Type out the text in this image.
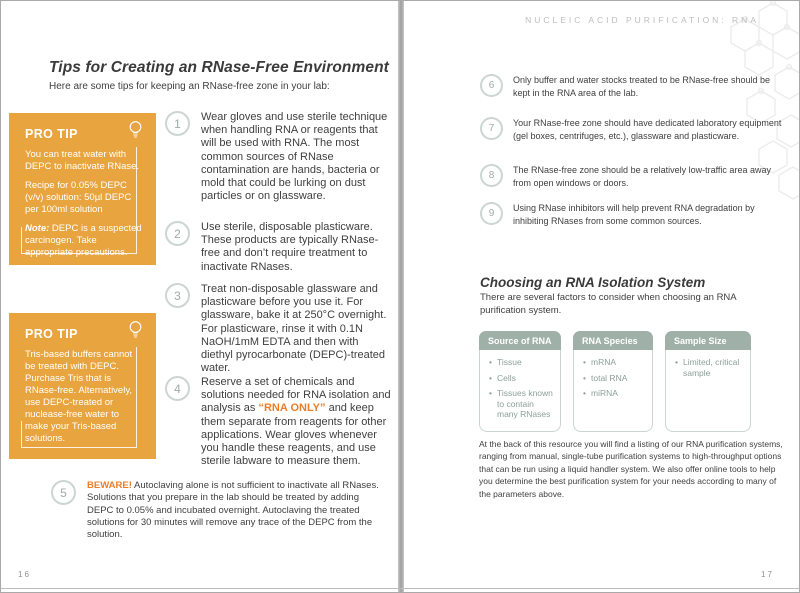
Tips for Creating an RNase-Free Environment
Here are some tips for keeping an RNase-free zone in your lab:
PRO TIP

You can treat water with DEPC to inactivate RNase.

Recipe for 0.05% DEPC (v/v) solution: 50µl DEPC per 100ml solution

Note: DEPC is a suspected carcinogen. Take appropriate precautions.

PRO TIP

Tris-based buffers cannot be treated with DEPC. Purchase Tris that is RNase-free. Alternatively, use DEPC-treated or nuclease-free water to make your Tris-based solutions.

1	Wear gloves and use sterile technique when handling RNA or reagents that will be used with RNA. The most common sources of RNase contamination are hands, bacteria or mold that could be lurking on dust particles or on glassware.

2	Use sterile, disposable plasticware. These products are typically RNase-free and don’t require treatment to inactivate RNases.

3	Treat non-disposable glassware and plasticware before you use it. For glassware, bake it at 250°C overnight. For plasticware, rinse it with 0.1N NaOH/1mM EDTA and then with diethyl pyrocarbonate (DEPC)-treated water.

4	Reserve a set of chemicals and solutions needed for RNA isolation and analysis as “RNA ONLY” and keep them separate from reagents for other applications. Wear gloves whenever you handle these reagents, and use sterile labware to measure them.

5	BEWARE! Autoclaving alone is not sufficient to inactivate all RNases. Solutions that you prepare in the lab should be treated by adding DEPC to 0.05% and incubated overnight. Autoclaving the treated solutions for 30 minutes will remove any trace of the DEPC from the solution.

16
NUCLEIC ACID PURIFICATION: RNA
6	Only buffer and water stocks treated to be RNase-free should be kept in the RNA area of the lab.

7	Your RNase-free zone should have dedicated laboratory equipment (gel boxes, centrifuges, etc.), glassware and plasticware.

8	The RNase-free zone should be a relatively low-traffic area away from open windows or doors.

9	Using RNase inhibitors will help prevent RNA degradation by inhibiting RNases from some common sources.

Choosing an RNA Isolation System
There are several factors to consider when choosing an RNA purification system.
Source of RNA
• Tissue
• Cells
• Tissues known to contain many RNases
RNA Species
• mRNA
• total RNA
• miRNA
Sample Size
• Limited, critical sample
At the back of this resource you will find a listing of our RNA purification systems, ranging from manual, single-tube purification systems to high-throughput options that can be run using a liquid handler system. We also offer online tools to help you determine the best purification system for your needs according to many of the parameters above.
17
